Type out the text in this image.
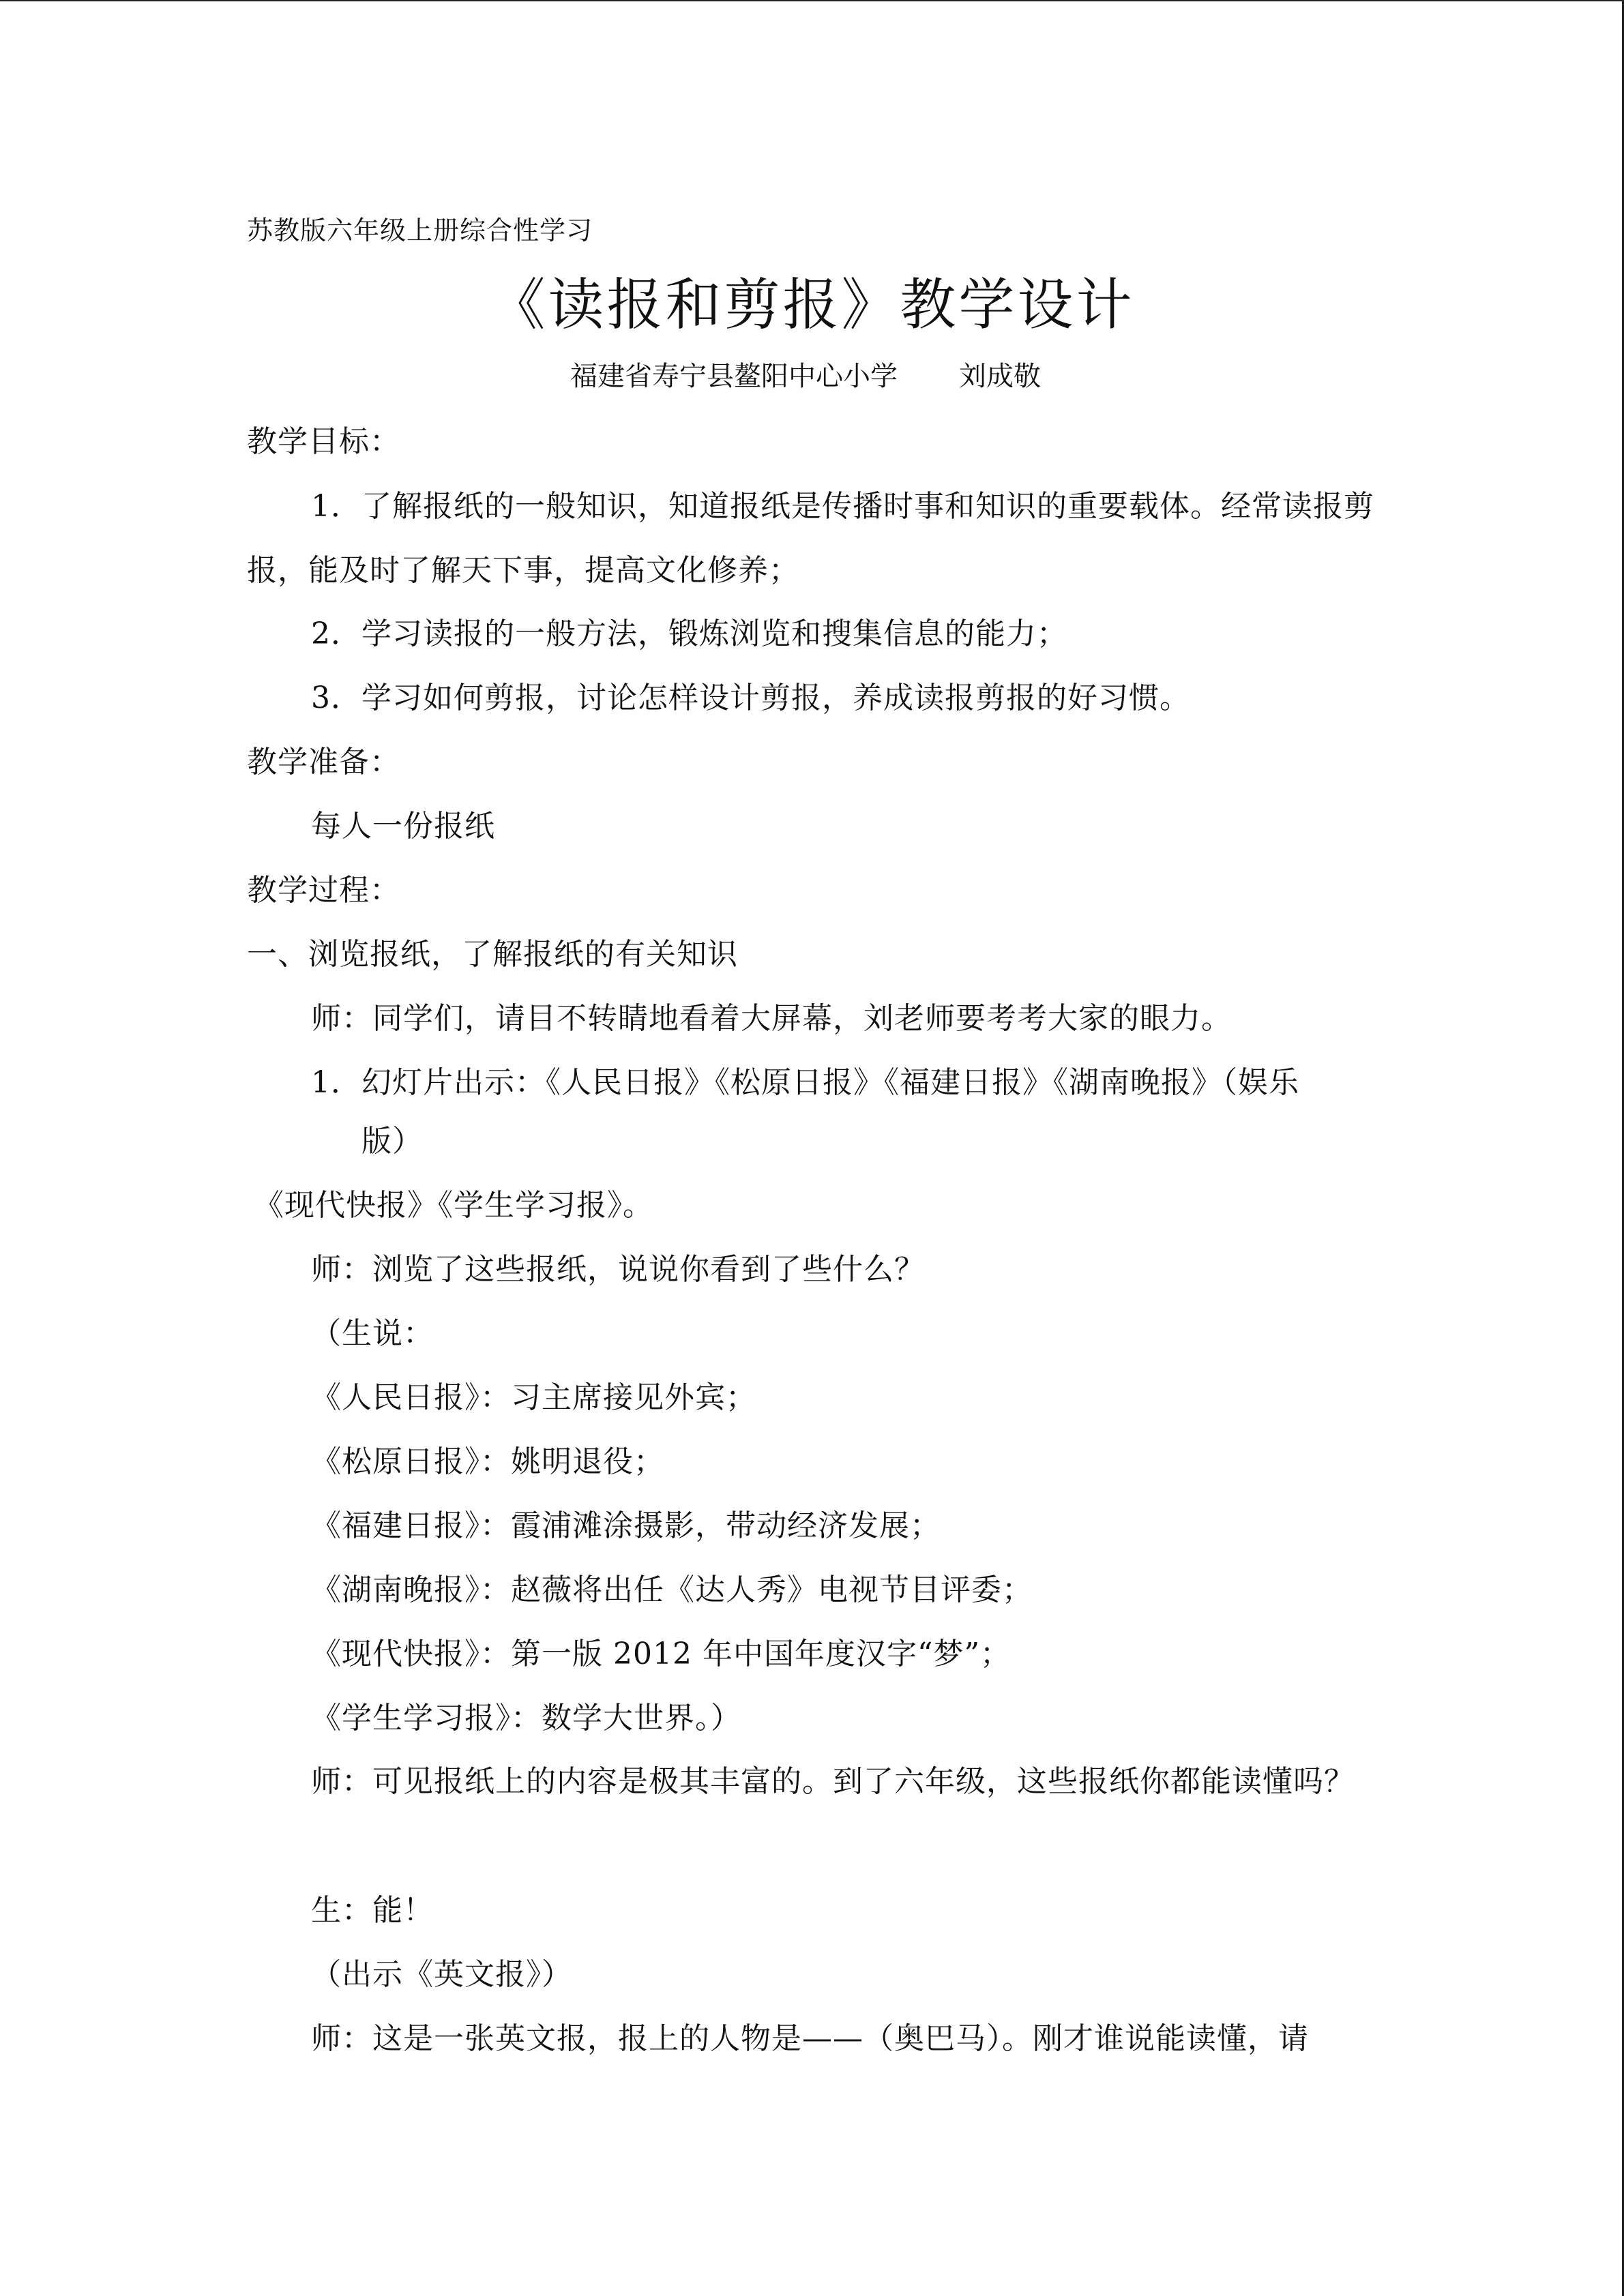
苏教版六年级上册综合性学习
《读报和剪报》教学设计
福建省寿宁县鳌阳中心小学 刘成敬
教学目标：
1．了解报纸的一般知识，知道报纸是传播时事和知识的重要载体。经常读报剪报，能及时了解天下事，提高文化修养；
2．学习读报的一般方法，锻炼浏览和搜集信息的能力；
3．学习如何剪报，讨论怎样设计剪报，养成读报剪报的好习惯。
教学准备：
每人一份报纸
教学过程：
一、浏览报纸，了解报纸的有关知识
师：同学们，请目不转睛地看着大屏幕，刘老师要考考大家的眼力。
1．幻灯片出示：《人民日报》《松原日报》《福建日报》《湖南晚报》（娱乐
版）
《现代快报》《学生学习报》。
师：浏览了这些报纸，说说你看到了些什么？
（生说：
《人民日报》：习主席接见外宾；
《松原日报》：姚明退役；
《福建日报》：霞浦滩涂摄影，带动经济发展；
《湖南晚报》：赵薇将出任《达人秀》电视节目评委；
《现代快报》：第一版 2012 年中国年度汉字“梦”；
《学生学习报》：数学大世界。）
师：可见报纸上的内容是极其丰富的。到了六年级，这些报纸你都能读懂吗？
生：能！
（出示《英文报》）
师：这是一张英文报，报上的人物是——（奥巴马）。刚才谁说能读懂，请
